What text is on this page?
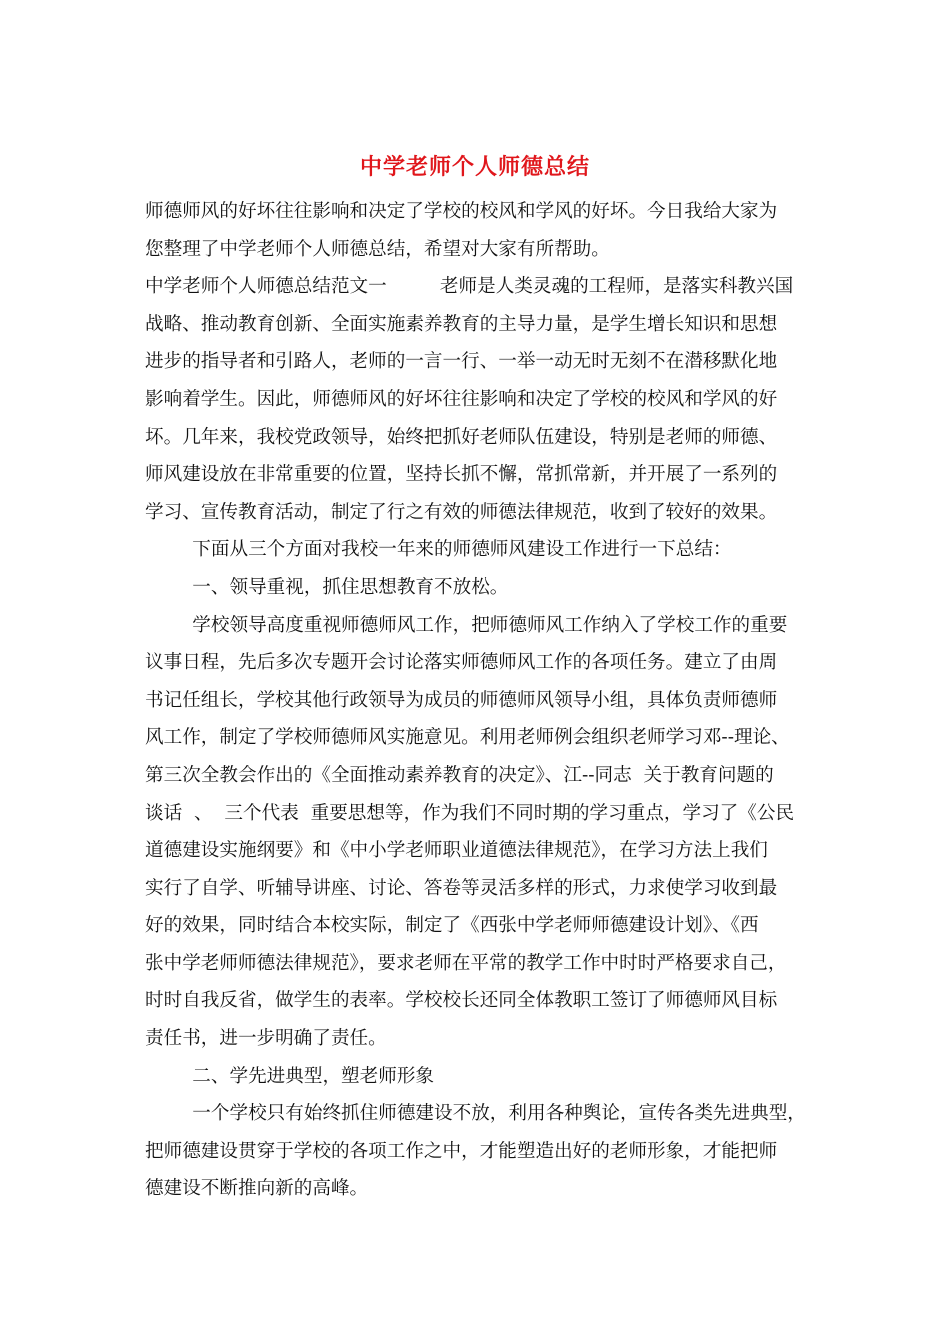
中学老师个人师德总结
师德师风的好坏往往影响和决定了学校的校风和学风的好坏。今日我给大家为
您整理了中学老师个人师德总结，希望对大家有所帮助。
中学老师个人师德总结范文一         老师是人类灵魂的工程师，是落实科教兴国
战略、推动教育创新、全面实施素养教育的主导力量，是学生增长知识和思想
进步的指导者和引路人，老师的一言一行、一举一动无时无刻不在潜移默化地
影响着学生。因此，师德师风的好坏往往影响和决定了学校的校风和学风的好
坏。几年来，我校党政领导，始终把抓好老师队伍建设，特别是老师的师德、
师风建设放在非常重要的位置，坚持长抓不懈，常抓常新，并开展了一系列的
学习、宣传教育活动，制定了行之有效的师德法律规范，收到了较好的效果。
下面从三个方面对我校一年来的师德师风建设工作进行一下总结：
一、领导重视，抓住思想教育不放松。
学校领导高度重视师德师风工作，把师德师风工作纳入了学校工作的重要
议事日程，先后多次专题开会讨论落实师德师风工作的各项任务。建立了由周
书记任组长，学校其他行政领导为成员的师德师风领导小组，具体负责师德师
风工作，制定了学校师德师风实施意见。利用老师例会组织老师学习邓--理论、
第三次全教会作出的《全面推动素养教育的决定》、江--同志  关于教育问题的
谈话  、  三个代表  重要思想等，作为我们不同时期的学习重点，学习了《公民
道德建设实施纲要》和《中小学老师职业道德法律规范》，在学习方法上我们
实行了自学、听辅导讲座、讨论、答卷等灵活多样的形式，力求使学习收到最
好的效果，同时结合本校实际，制定了《西张中学老师师德建设计划》、《西
张中学老师师德法律规范》，要求老师在平常的教学工作中时时严格要求自己，
时时自我反省，做学生的表率。学校校长还同全体教职工签订了师德师风目标
责任书，进一步明确了责任。
二、学先进典型，塑老师形象
一个学校只有始终抓住师德建设不放，利用各种舆论，宣传各类先进典型，
把师德建设贯穿于学校的各项工作之中，才能塑造出好的老师形象，才能把师
德建设不断推向新的高峰。
